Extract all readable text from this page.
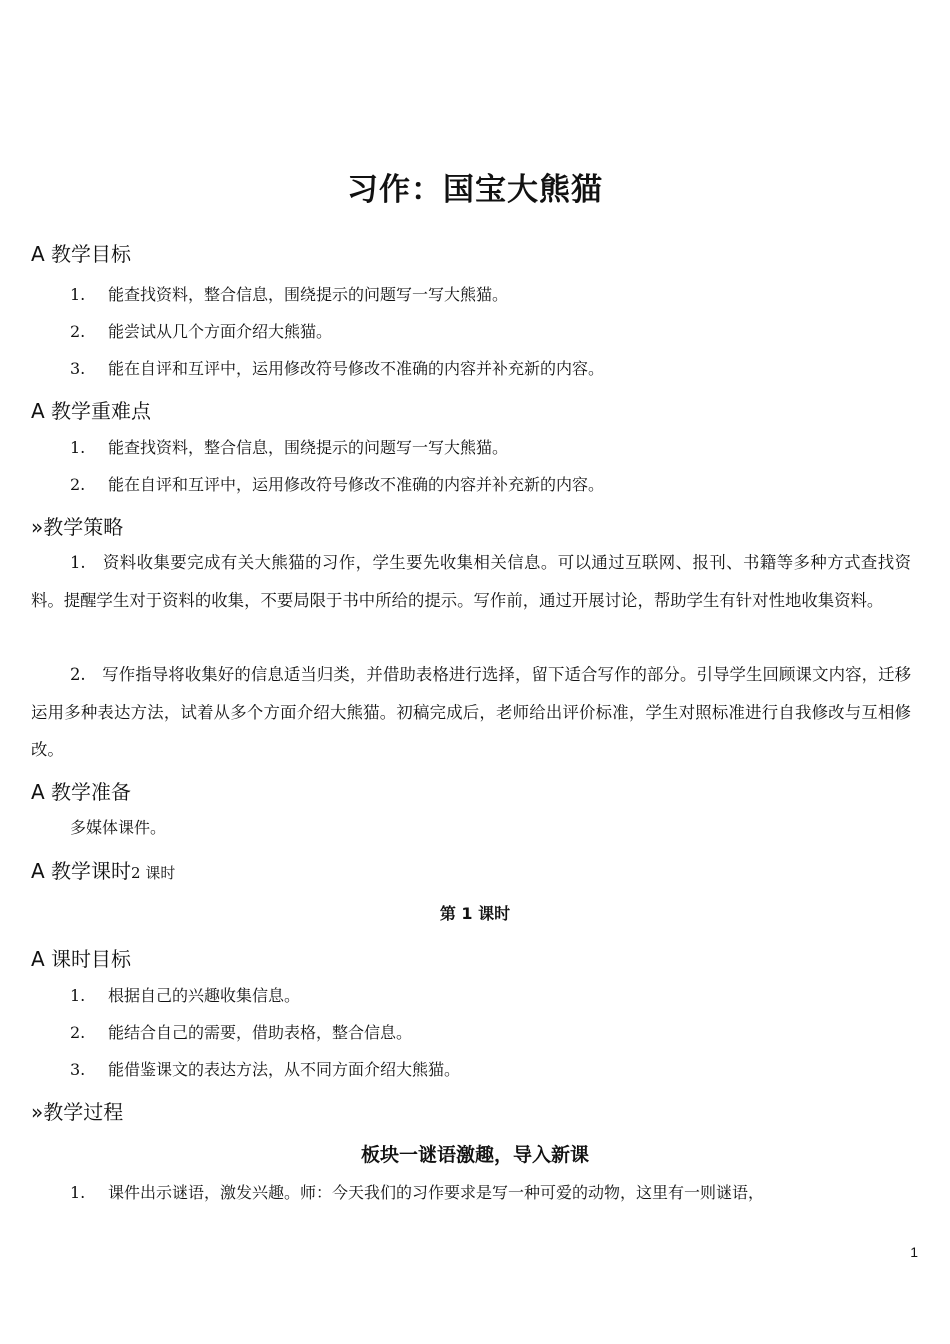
习作：国宝大熊猫
A 教学目标
1. 能查找资料，整合信息，围绕提示的问题写一写大熊猫。
2. 能尝试从几个方面介绍大熊猫。
3. 能在自评和互评中，运用修改符号修改不准确的内容并补充新的内容。
A 教学重难点
1. 能查找资料，整合信息，围绕提示的问题写一写大熊猫。
2. 能在自评和互评中，运用修改符号修改不准确的内容并补充新的内容。
»教学策略
1.　资料收集要完成有关大熊猫的习作，学生要先收集相关信息。可以通过互联网、报刊、书籍等多种方式查找资料。提醒学生对于资料的收集，不要局限于书中所给的提示。写作前，通过开展讨论，帮助学生有针对性地收集资料。
2.　写作指导将收集好的信息适当归类，并借助表格进行选择，留下适合写作的部分。引导学生回顾课文内容，迁移运用多种表达方法，试着从多个方面介绍大熊猫。初稿完成后，老师给出评价标准，学生对照标准进行自我修改与互相修改。
A 教学准备
多媒体课件。
A 教学课时2 课时
第 1 课时
A 课时目标
1. 根据自己的兴趣收集信息。
2. 能结合自己的需要，借助表格，整合信息。
3. 能借鉴课文的表达方法，从不同方面介绍大熊猫。
»教学过程
板块一谜语激趣，导入新课
1. 课件出示谜语，激发兴趣。师：今天我们的习作要求是写一种可爱的动物，这里有一则谜语，
1
